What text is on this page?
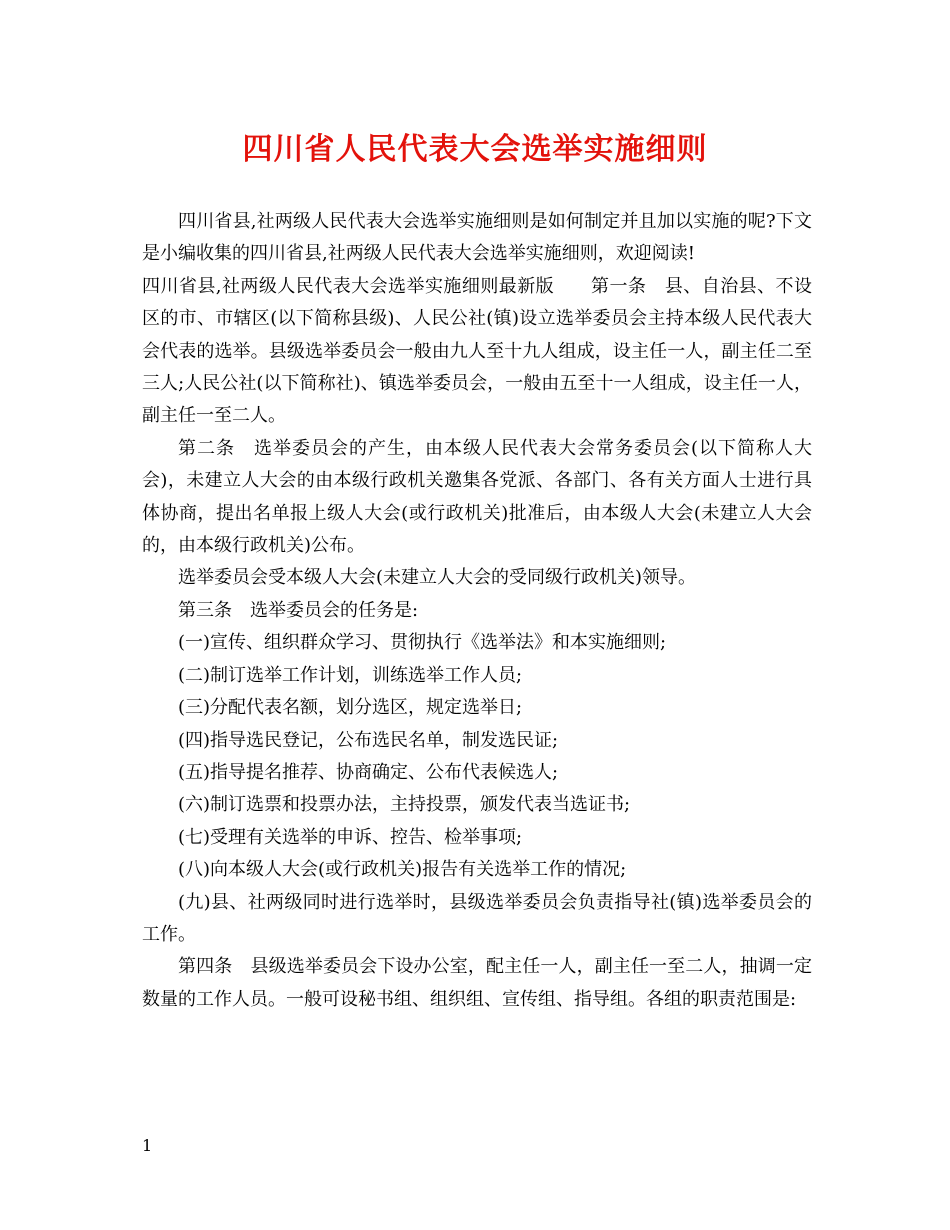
四川省人民代表大会选举实施细则

四川省县,社两级人民代表大会选举实施细则是如何制定并且加以实施的呢?下文是小编收集的四川省县,社两级人民代表大会选举实施细则，欢迎阅读!

四川省县,社两级人民代表大会选举实施细则最新版　　第一条　县、自治县、不设区的市、市辖区(以下简称县级)、人民公社(镇)设立选举委员会主持本级人民代表大会代表的选举。县级选举委员会一般由九人至十九人组成，设主任一人，副主任二至三人;人民公社(以下简称社)、镇选举委员会，一般由五至十一人组成，设主任一人，副主任一至二人。

第二条　选举委员会的产生，由本级人民代表大会常务委员会(以下简称人大会)，未建立人大会的由本级行政机关邀集各党派、各部门、各有关方面人士进行具体协商，提出名单报上级人大会(或行政机关)批准后，由本级人大会(未建立人大会的，由本级行政机关)公布。

选举委员会受本级人大会(未建立人大会的受同级行政机关)领导。

第三条　选举委员会的任务是:

(一)宣传、组织群众学习、贯彻执行《选举法》和本实施细则;

(二)制订选举工作计划，训练选举工作人员;

(三)分配代表名额，划分选区，规定选举日;

(四)指导选民登记，公布选民名单，制发选民证;

(五)指导提名推荐、协商确定、公布代表候选人;

(六)制订选票和投票办法，主持投票，颁发代表当选证书;

(七)受理有关选举的申诉、控告、检举事项;

(八)向本级人大会(或行政机关)报告有关选举工作的情况;

(九)县、社两级同时进行选举时，县级选举委员会负责指导社(镇)选举委员会的工作。

第四条　县级选举委员会下设办公室，配主任一人，副主任一至二人，抽调一定数量的工作人员。一般可设秘书组、组织组、宣传组、指导组。各组的职责范围是:

1
